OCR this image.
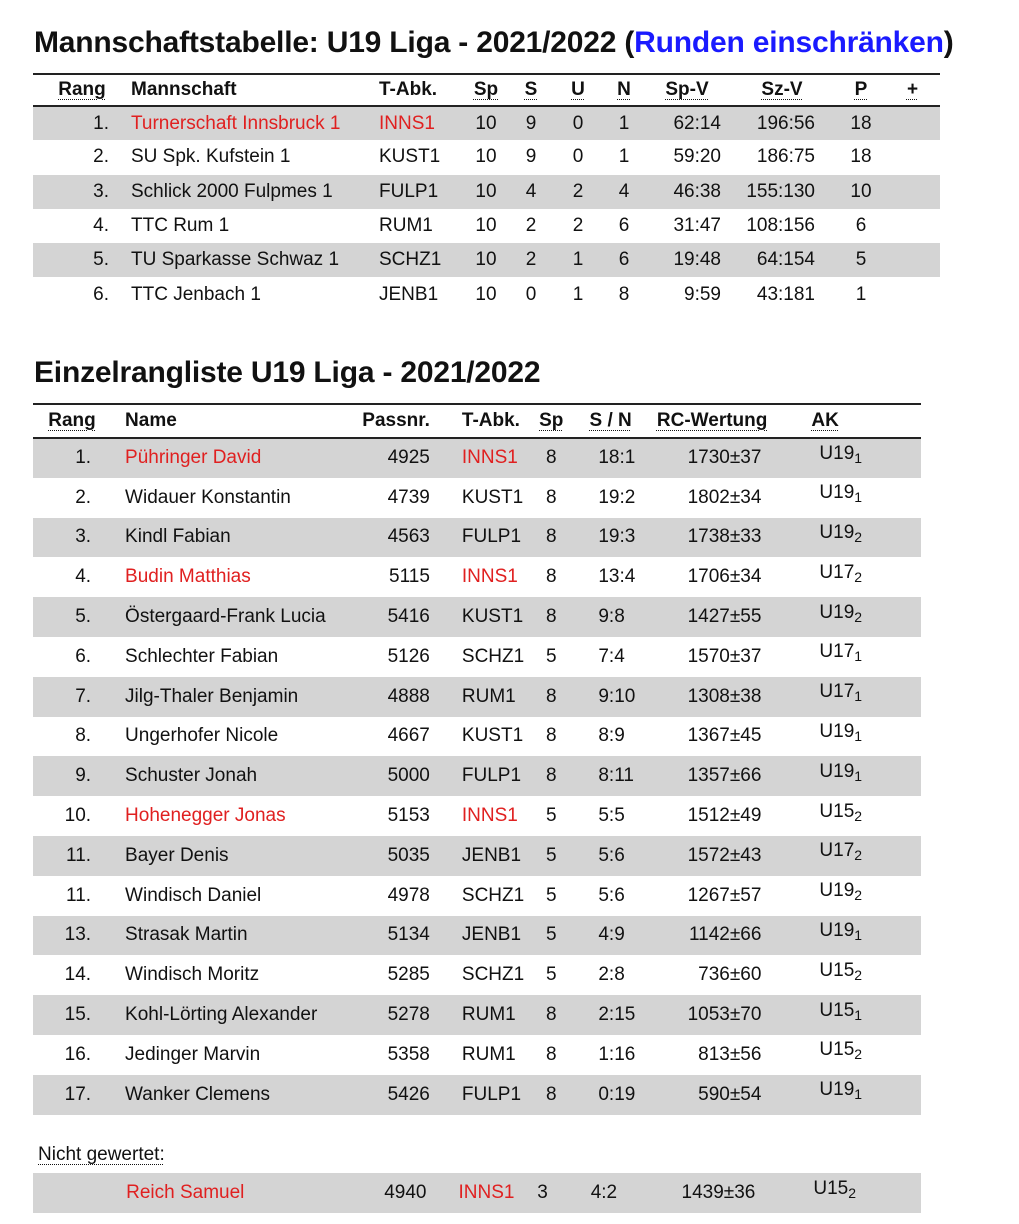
Mannschaftstabelle: U19 Liga - 2021/2022 (Runden einschränken)
Rang	Mannschaft	T-Abk.	Sp	S	U	N	Sp-V	Sz-V	P	+
1.	Turnerschaft Innsbruck 1	INNS1	10	9	0	1	62:14	196:56	18	
2.	SU Spk. Kufstein 1	KUST1	10	9	0	1	59:20	186:75	18	
3.	Schlick 2000 Fulpmes 1	FULP1	10	4	2	4	46:38	155:130	10	
4.	TTC Rum 1	RUM1	10	2	2	6	31:47	108:156	6	
5.	TU Sparkasse Schwaz 1	SCHZ1	10	2	1	6	19:48	64:154	5	
6.	TTC Jenbach 1	JENB1	10	0	1	8	9:59	43:181	1	
Einzelrangliste U19 Liga - 2021/2022
Rang	Name	Passnr.	T-Abk.	Sp	S / N	RC-Wertung	AK
1.	Pühringer David	4925	INNS1	8	18:1	1730±37	$U19_1$
2.	Widauer Konstantin	4739	KUST1	8	19:2	1802±34	$U19_1$
3.	Kindl Fabian	4563	FULP1	8	19:3	1738±33	$U19_2$
4.	Budin Matthias	5115	INNS1	8	13:4	1706±34	$U17_2$
5.	Östergaard-Frank Lucia	5416	KUST1	8	9:8	1427±55	$U19_2$
6.	Schlechter Fabian	5126	SCHZ1	5	7:4	1570±37	$U17_1$
7.	Jilg-Thaler Benjamin	4888	RUM1	8	9:10	1308±38	$U17_1$
8.	Ungerhofer Nicole	4667	KUST1	8	8:9	1367±45	$U19_1$
9.	Schuster Jonah	5000	FULP1	8	8:11	1357±66	$U19_1$
10.	Hohenegger Jonas	5153	INNS1	5	5:5	1512±49	$U15_2$
11.	Bayer Denis	5035	JENB1	5	5:6	1572±43	$U17_2$
11.	Windisch Daniel	4978	SCHZ1	5	5:6	1267±57	$U19_2$
13.	Strasak Martin	5134	JENB1	5	4:9	1142±66	$U19_1$
14.	Windisch Moritz	5285	SCHZ1	5	2:8	736±60	$U15_2$
15.	Kohl-Lörting Alexander	5278	RUM1	8	2:15	1053±70	$U15_1$
16.	Jedinger Marvin	5358	RUM1	8	1:16	813±56	$U15_2$
17.	Wanker Clemens	5426	FULP1	8	0:19	590±54	$U19_1$
Nicht gewertet:
	Reich Samuel	4940	INNS1	3	4:2	1439±36	$U15_2$
